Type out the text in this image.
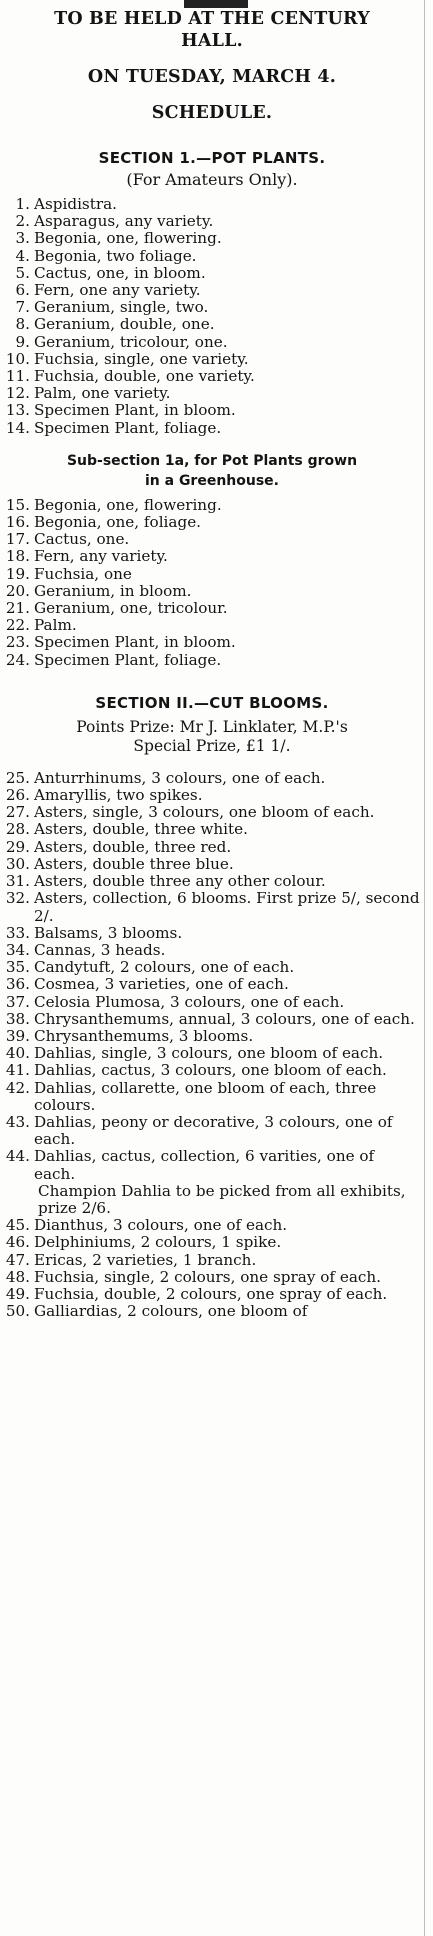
TO BE HELD AT THE CENTURY
HALL.
ON TUESDAY, MARCH 4.
SCHEDULE.
SECTION 1.—POT PLANTS.
(For Amateurs Only).
1. Aspidistra.
2. Asparagus, any variety.
3. Begonia, one, flowering.
4. Begonia, two foliage.
5. Cactus, one, in bloom.
6. Fern, one any variety.
7. Geranium, single, two.
8. Geranium, double, one.
9. Geranium, tricolour, one.
10. Fuchsia, single, one variety.
11. Fuchsia, double, one variety.
12. Palm, one variety.
13. Specimen Plant, in bloom.
14. Specimen Plant, foliage.
Sub-section 1a, for Pot Plants grown
in a Greenhouse.
15. Begonia, one, flowering.
16. Begonia, one, foliage.
17. Cactus, one.
18. Fern, any variety.
19. Fuchsia, one
20. Geranium, in bloom.
21. Geranium, one, tricolour.
22. Palm.
23. Specimen Plant, in bloom.
24. Specimen Plant, foliage.
SECTION II.—CUT BLOOMS.
Points Prize: Mr J. Linklater, M.P.'s
Special Prize, £1 1/.
25. Anturrhinums, 3 colours, one of each.
26. Amaryllis, two spikes.
27. Asters, single, 3 colours, one bloom of each.
28. Asters, double, three white.
29. Asters, double, three red.
30. Asters, double three blue.
31. Asters, double three any other colour.
32. Asters, collection, 6 blooms. First prize 5/, second 2/.
33. Balsams, 3 blooms.
34. Cannas, 3 heads.
35. Candytuft, 2 colours, one of each.
36. Cosmea, 3 varieties, one of each.
37. Celosia Plumosa, 3 colours, one of each.
38. Chrysanthemums, annual, 3 colours, one of each.
39. Chrysanthemums, 3 blooms.
40. Dahlias, single, 3 colours, one bloom of each.
41. Dahlias, cactus, 3 colours, one bloom of each.
42. Dahlias, collarette, one bloom of each, three colours.
43. Dahlias, peony or decorative, 3 colours, one of each.
44. Dahlias, cactus, collection, 6 varities, one of each.
Champion Dahlia to be picked from all exhibits, prize 2/6.
45. Dianthus, 3 colours, one of each.
46. Delphiniums, 2 colours, 1 spike.
47. Ericas, 2 varieties, 1 branch.
48. Fuchsia, single, 2 colours, one spray of each.
49. Fuchsia, double, 2 colours, one spray of each.
50. Galliardias, 2 colours, one bloom of
